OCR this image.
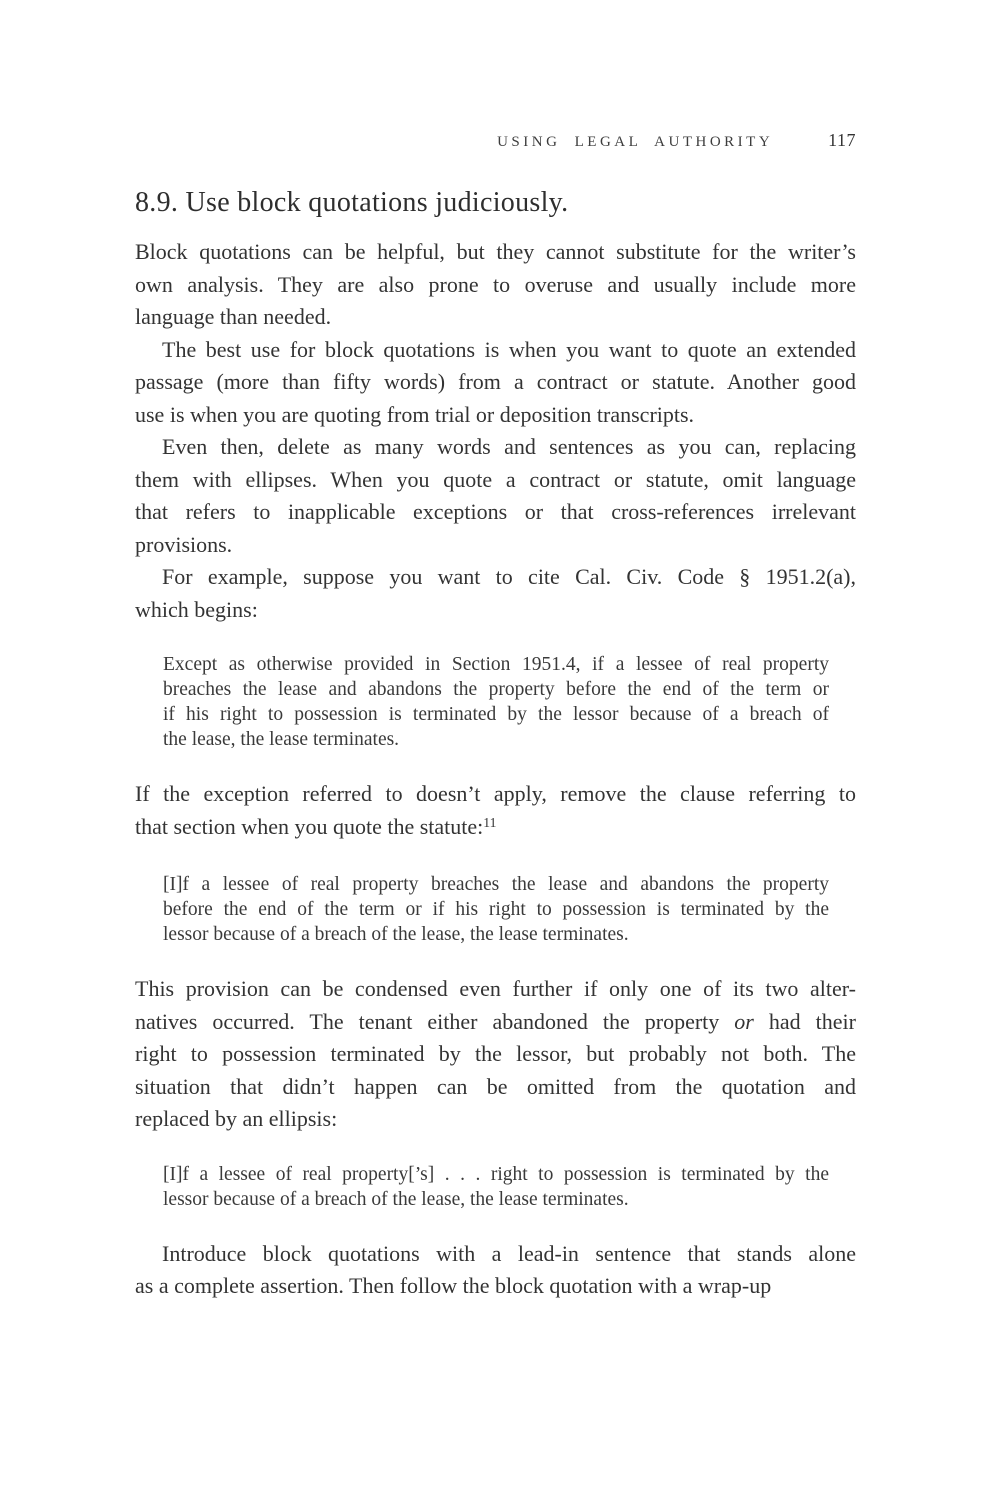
USING LEGAL AUTHORITY	117
8.9. Use block quotations judiciously.
Block quotations can be helpful, but they cannot substitute for the writer’s
own analysis. They are also prone to overuse and usually include more
language than needed.
The best use for block quotations is when you want to quote an extended
passage (more than fifty words) from a contract or statute. Another good
use is when you are quoting from trial or deposition transcripts.
Even then, delete as many words and sentences as you can, replacing
them with ellipses. When you quote a contract or statute, omit language
that refers to inapplicable exceptions or that cross-references irrelevant
provisions.
For example, suppose you want to cite Cal. Civ. Code § 1951.2(a),
which begins:
Except as otherwise provided in Section 1951.4, if a lessee of real property
breaches the lease and abandons the property before the end of the term or
if his right to possession is terminated by the lessor because of a breach of
the lease, the lease terminates.
If the exception referred to doesn’t apply, remove the clause referring to
that section when you quote the statute:$^{11}$
[I]f a lessee of real property breaches the lease and abandons the property
before the end of the term or if his right to possession is terminated by the
lessor because of a breach of the lease, the lease terminates.
This provision can be condensed even further if only one of its two alter-
natives occurred. The tenant either abandoned the property or had their
right to possession terminated by the lessor, but probably not both. The
situation that didn’t happen can be omitted from the quotation and
replaced by an ellipsis:
[I]f a lessee of real property[’s] . . . right to possession is terminated by the
lessor because of a breach of the lease, the lease terminates.
Introduce block quotations with a lead-in sentence that stands alone
as a complete assertion. Then follow the block quotation with a wrap-up
